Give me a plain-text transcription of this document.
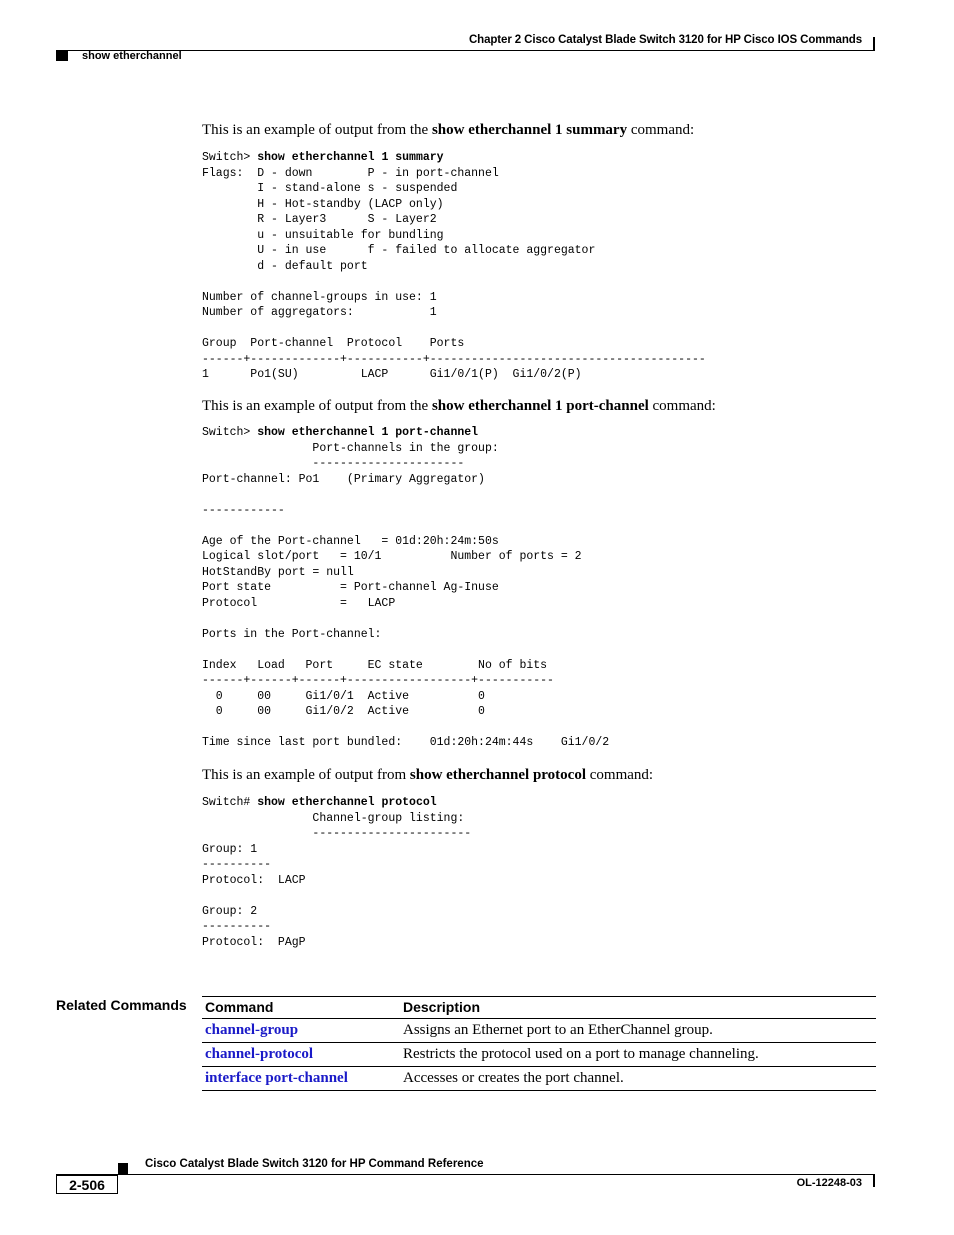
Chapter 2 Cisco Catalyst Blade Switch 3120 for HP Cisco IOS Commands
show etherchannel
This is an example of output from the show etherchannel 1 summary command:
Switch> show etherchannel 1 summary
Flags:  D - down        P - in port-channel
I - stand-alone s - suspended
H - Hot-standby (LACP only)
R - Layer3      S - Layer2
u - unsuitable for bundling
U - in use      f - failed to allocate aggregator
d - default port

Number of channel-groups in use: 1
Number of aggregators:           1

Group  Port-channel  Protocol    Ports
------+-------------+-----------+----------------------------------------
1      Po1(SU)         LACP      Gi1/0/1(P)  Gi1/0/2(P)
This is an example of output from the show etherchannel 1 port-channel command:
Switch> show etherchannel 1 port-channel
Port-channels in the group:
----------------------
Port-channel: Po1    (Primary Aggregator)

------------

Age of the Port-channel   = 01d:20h:24m:50s
Logical slot/port   = 10/1          Number of ports = 2
HotStandBy port = null
Port state          = Port-channel Ag-Inuse
Protocol            =   LACP

Ports in the Port-channel:

Index   Load   Port     EC state        No of bits
------+------+------+------------------+-----------
0     00     Gi1/0/1  Active          0
0     00     Gi1/0/2  Active          0

Time since last port bundled:    01d:20h:24m:44s    Gi1/0/2
This is an example of output from show etherchannel protocol command:
Switch# show etherchannel protocol
Channel-group listing:
-----------------------
Group: 1
----------
Protocol:  LACP

Group: 2
----------
Protocol:  PAgP
Related Commands Command	Description
channel-group	Assigns an Ethernet port to an EtherChannel group.
channel-protocol	Restricts the protocol used on a port to manage channeling.
interface port-channel	Accesses or creates the port channel.
Cisco Catalyst Blade Switch 3120 for HP Command Reference
2-506	OL-12248-03
